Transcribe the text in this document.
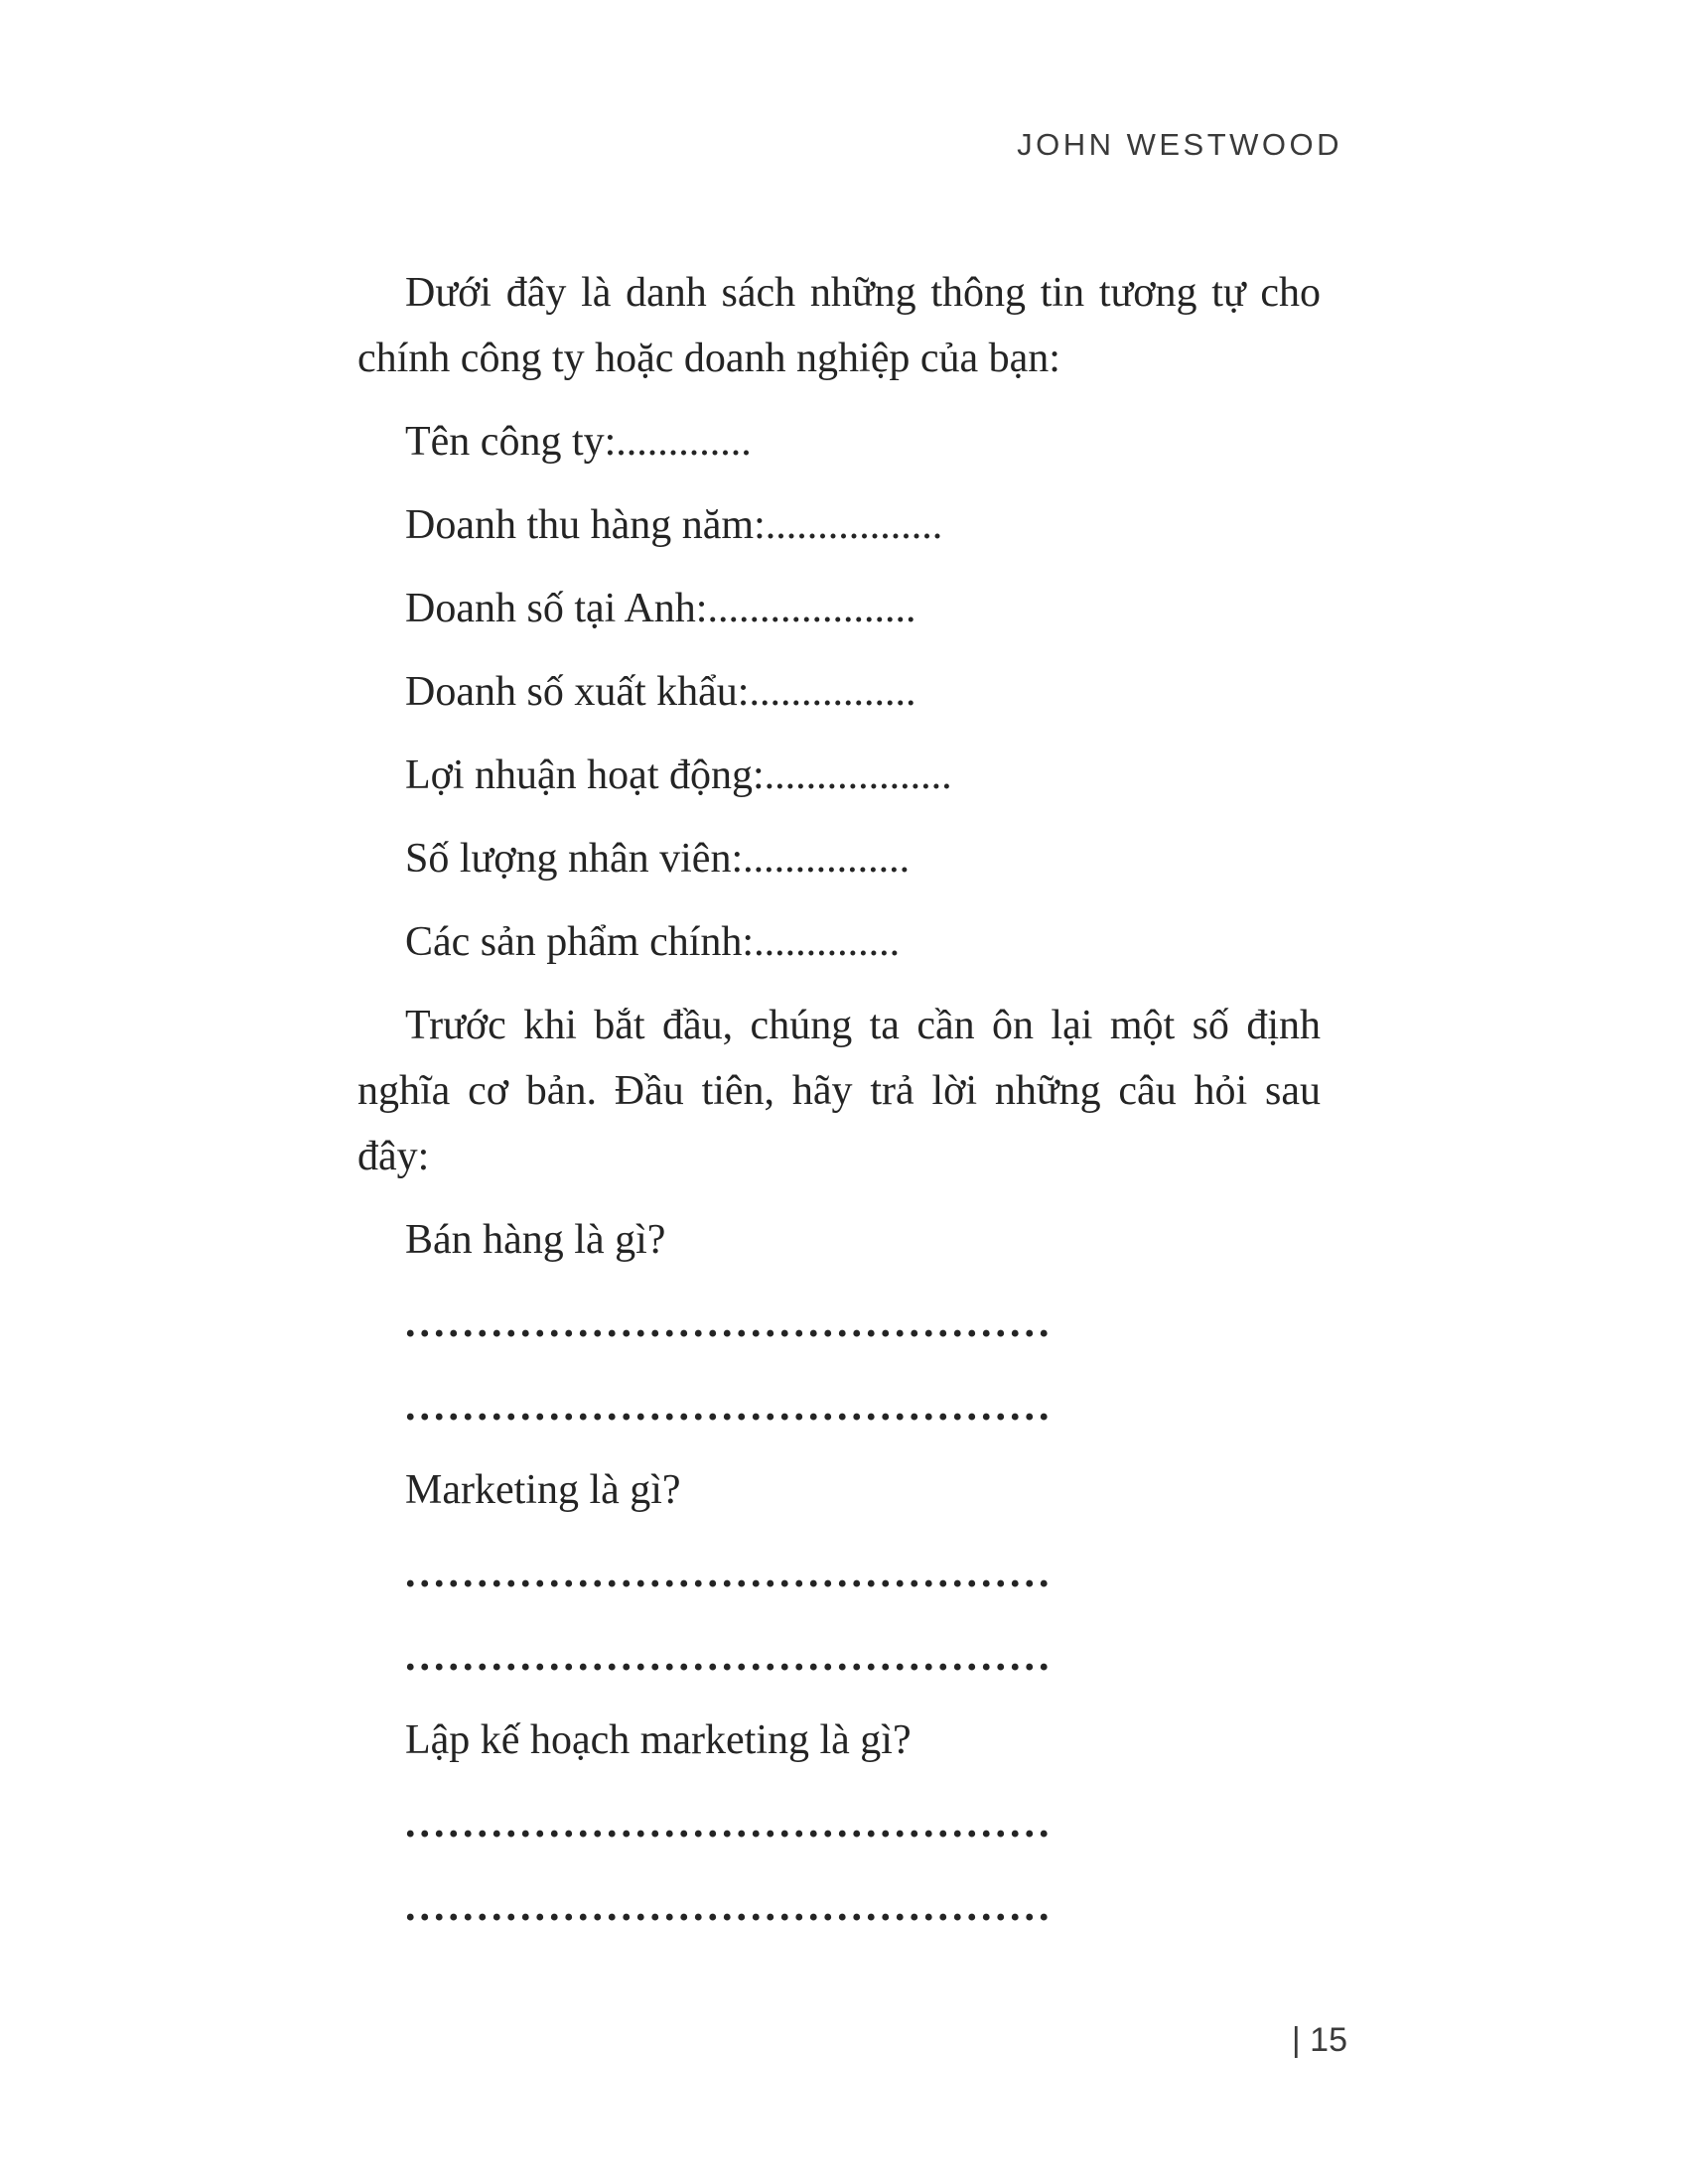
JOHN WESTWOOD

Dưới đây là danh sách những thông tin tương tự cho chính công ty hoặc doanh nghiệp của bạn:

Tên công ty:.............

Doanh thu hàng năm:.................

Doanh số tại Anh:....................

Doanh số xuất khẩu:................

Lợi nhuận hoạt động:..................

Số lượng nhân viên:................

Các sản phẩm chính:..............

Trước khi bắt đầu, chúng ta cần ôn lại một số định nghĩa cơ bản. Đầu tiên, hãy trả lời những câu hỏi sau đây:

Bán hàng là gì?

.............................................

.............................................

Marketing là gì?

.............................................

.............................................

Lập kế hoạch marketing là gì?

.............................................

.............................................

| 15
